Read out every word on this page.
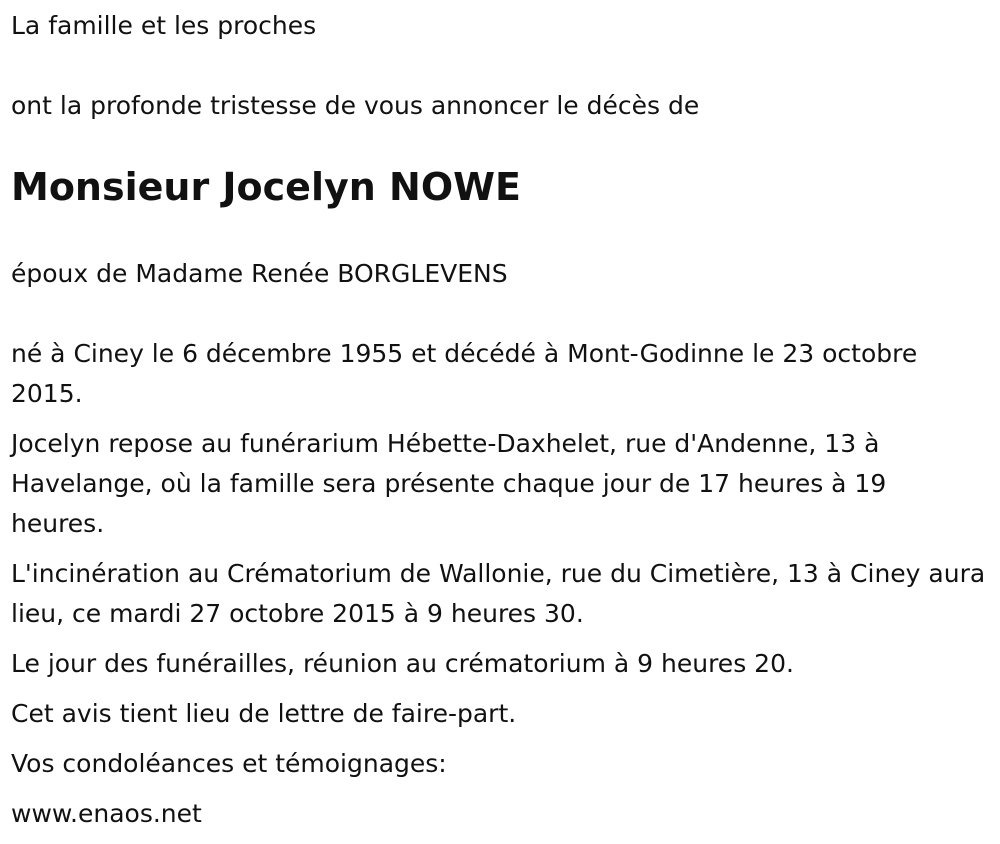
La famille et les proches

ont la profonde tristesse de vous annoncer le décès de

Monsieur Jocelyn NOWE

époux de Madame Renée BORGLEVENS

né à Ciney le 6 décembre 1955 et décédé à Mont-Godinne le 23 octobre 2015.

Jocelyn repose au funérarium Hébette-Daxhelet, rue d'Andenne, 13 à Havelange, où la famille sera présente chaque jour de 17 heures à 19 heures.

L'incinération au Crématorium de Wallonie, rue du Cimetière, 13 à Ciney aura lieu, ce mardi 27 octobre 2015 à 9 heures 30.

Le jour des funérailles, réunion au crématorium à 9 heures 20.

Cet avis tient lieu de lettre de faire-part.

Vos condoléances et témoignages:

www.enaos.net
